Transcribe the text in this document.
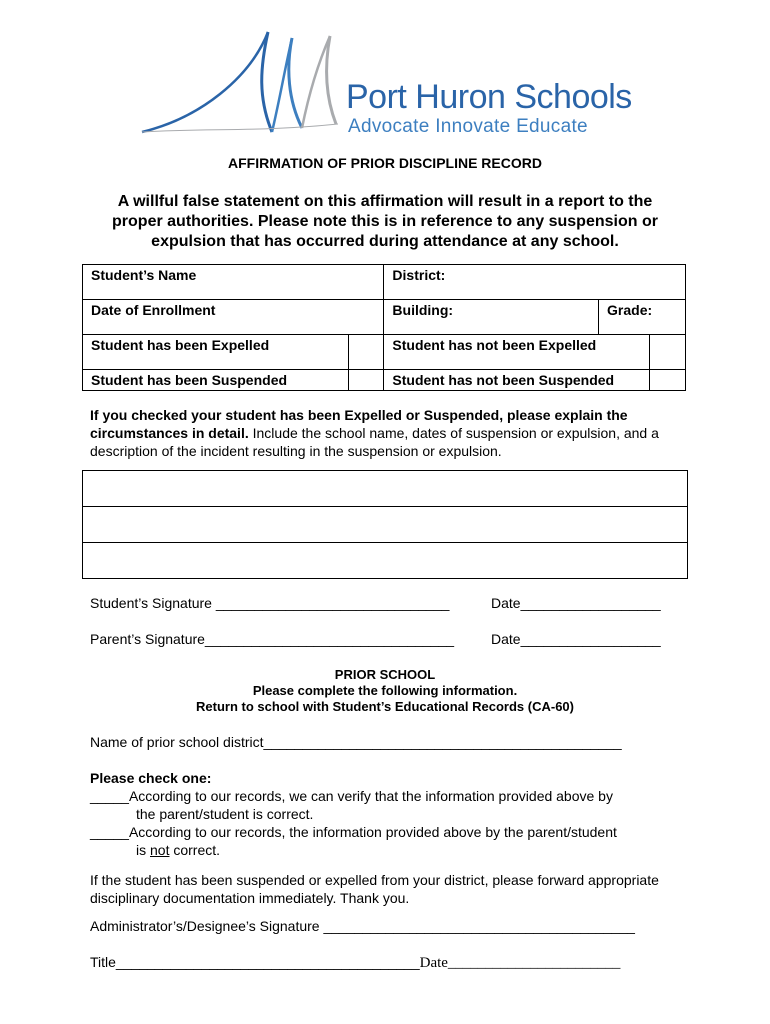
Port Huron Schools
Advocate Innovate Educate
AFFIRMATION OF PRIOR DISCIPLINE RECORD
A willful false statement on this affirmation will result in a report to the proper authorities. Please note this is in reference to any suspension or expulsion that has occurred during attendance at any school.
Student’s Name		District:		
Date of Enrollment		Building:	Grade:	
Student has been Expelled		Student has not been Expelled		
Student has been Suspended		Student has not been Suspended		
If you checked your student has been Expelled or Suspended, please explain the circumstances in detail. Include the school name, dates of suspension or expulsion, and a description of the incident resulting in the suspension or expulsion.
Student’s Signature ______________________________	Date__________________
Parent’s Signature________________________________	Date__________________
PRIOR SCHOOL
Please complete the following information.
Return to school with Student’s Educational Records (CA-60)
Name of prior school district______________________________________________
Please check one:
_____According to our records, we can verify that the information provided above by
the parent/student is correct.
_____According to our records, the information provided above by the parent/student
is not correct.
If the student has been suspended or expelled from your district, please forward appropriate disciplinary documentation immediately. Thank you.
Administrator’s/Designee’s Signature ________________________________________
Title_______________________________________Date_______________________
